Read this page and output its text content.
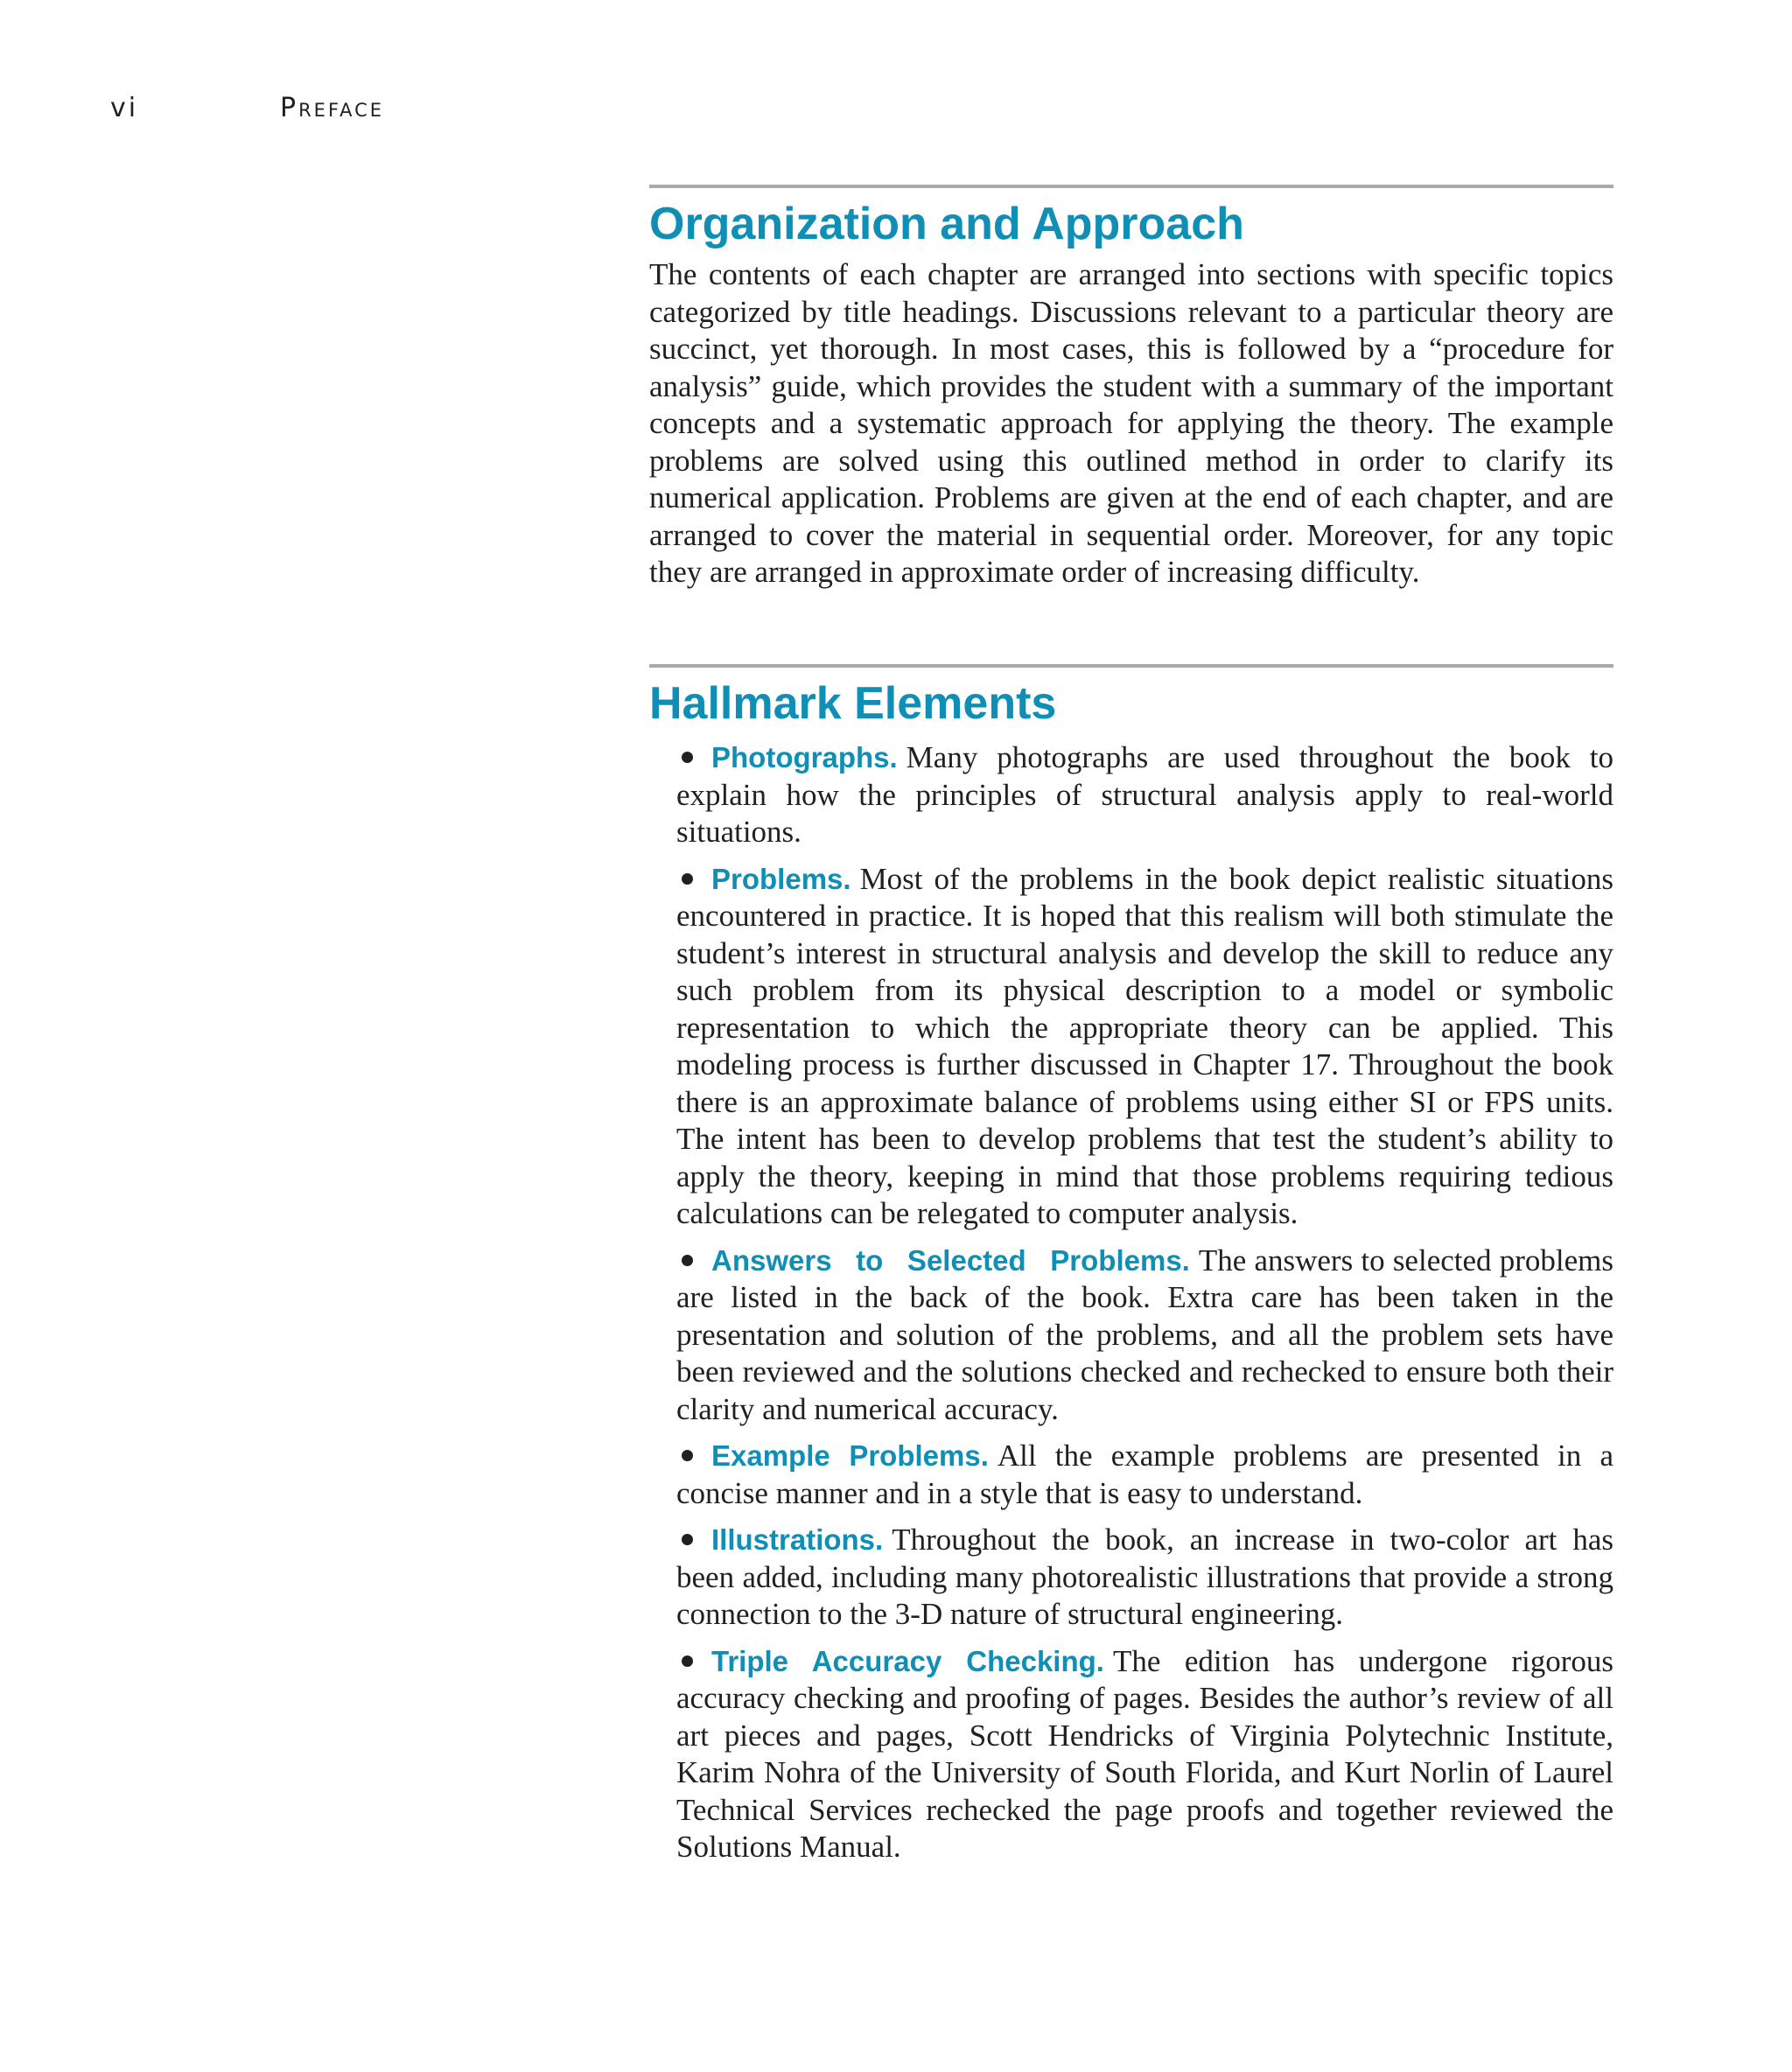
vi	Preface
Organization and Approach

The contents of each chapter are arranged into sections with specific topics categorized by title headings. Discussions relevant to a particular theory are succinct, yet thorough. In most cases, this is followed by a “procedure for analysis” guide, which provides the student with a summary of the important concepts and a systematic approach for applying the theory. The example problems are solved using this outlined method in order to clarify its numerical application. Problems are given at the end of each chapter, and are arranged to cover the material in sequential order. Moreover, for any topic they are arranged in approximate order of increasing difficulty.

Hallmark Elements
Photographs. Many photographs are used throughout the book to explain how the principles of structural analysis apply to real-world situations.
Problems. Most of the problems in the book depict realistic situations encountered in practice. It is hoped that this realism will both stimulate the student’s interest in structural analysis and develop the skill to reduce any such problem from its physical description to a model or symbolic representation to which the appropriate theory can be applied. This modeling process is further discussed in Chapter 17. Throughout the book there is an approximate balance of problems using either SI or FPS units. The intent has been to develop problems that test the student’s ability to apply the theory, keeping in mind that those problems requiring tedious calculations can be relegated to computer analysis.
Answers to Selected Problems. The answers to selected problems are listed in the back of the book. Extra care has been taken in the presentation and solution of the problems, and all the problem sets have been reviewed and the solutions checked and rechecked to ensure both their clarity and numerical accuracy.
Example Problems. All the example problems are presented in a concise manner and in a style that is easy to understand.
Illustrations. Throughout the book, an increase in two-color art has been added, including many photorealistic illustrations that provide a strong connection to the 3-D nature of structural engineering.
Triple Accuracy Checking. The edition has undergone rigorous accuracy checking and proofing of pages. Besides the author’s review of all art pieces and pages, Scott Hendricks of Virginia Polytechnic Institute, Karim Nohra of the University of South Florida, and Kurt Norlin of Laurel Technical Services rechecked the page proofs and together reviewed the Solutions Manual.
